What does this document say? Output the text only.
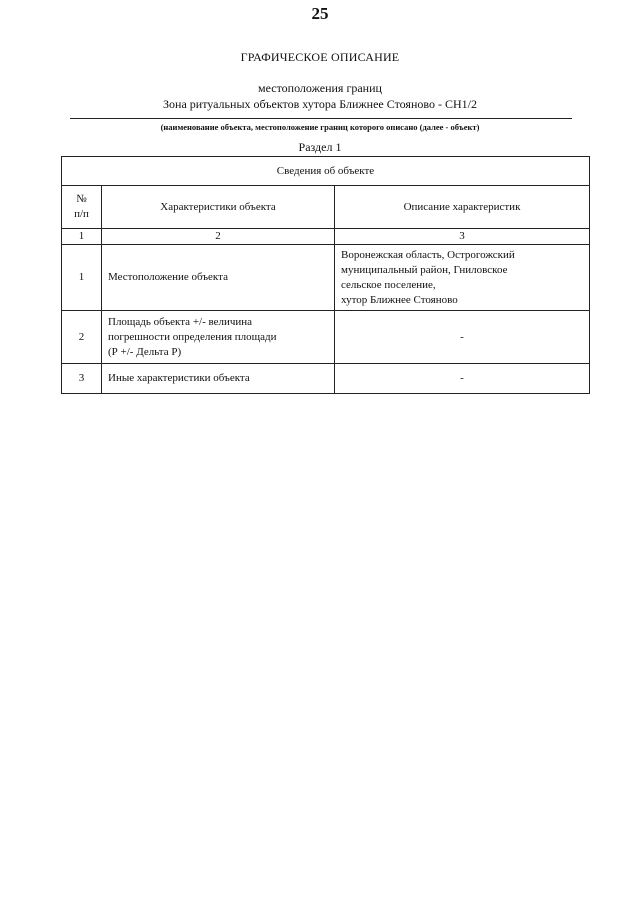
25
ГРАФИЧЕСКОЕ ОПИСАНИЕ
местоположения границ
Зона ритуальных объектов хутора Ближнее Стояново - СН1/2
(наименование объекта, местоположение границ которого описано (далее - объект)
Раздел 1
Сведения об объекте		

№
п/п	Характеристики объекта	Описание характеристик
1	2	3
1	Местоположение объекта	Воронежская область, Острогожский
муниципальный район, Гниловское
сельское поселение,
хутор Ближнее Стояново

2	Площадь объекта +/- величина
погрешности определения площади
(Р +/- Дельта Р)	-
3	Иные характеристики объекта	-
